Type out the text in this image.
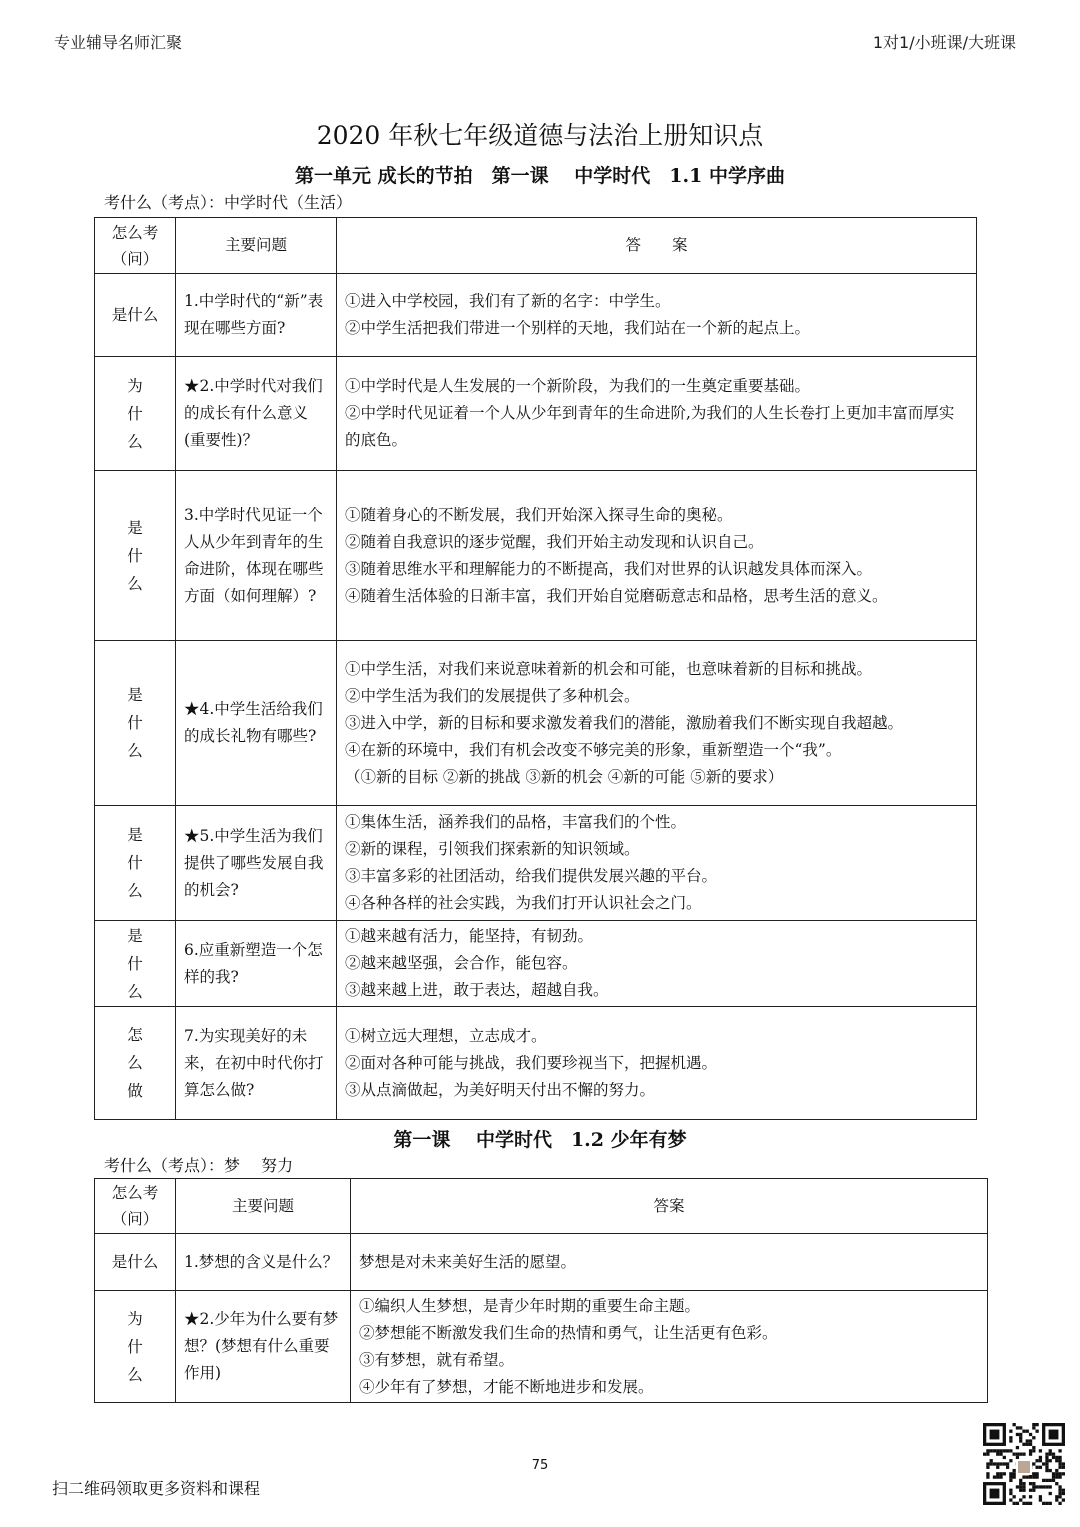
专业辅导名师汇聚	1对1/小班课/大班课
2020 年秋七年级道德与法治上册知识点
第一单元 成长的节拍　第一课　 中学时代　1.1 中学序曲
考什么（考点）：中学时代（生活）
怎么考（问）	主要问题	答　　案
是什么	1.中学时代的“新”表现在哪些方面?	①进入中学校园，我们有了新的名字：中学生。
②中学生活把我们带进一个别样的天地，我们站在一个新的起点上。

为什么	★2.中学时代对我们的成长有什么意义(重要性)？	①中学时代是人生发展的一个新阶段，为我们的一生奠定重要基础。
②中学时代见证着一个人从少年到青年的生命进阶,为我们的人生长卷打上更加丰富而厚实的底色。

是什么	3.中学时代见证一个人从少年到青年的生命进阶，体现在哪些方面（如何理解）?	①随着身心的不断发展，我们开始深入探寻生命的奥秘。
②随着自我意识的逐步觉醒，我们开始主动发现和认识自己。
③随着思维水平和理解能力的不断提高，我们对世界的认识越发具体而深入。
④随着生活体验的日渐丰富，我们开始自觉磨砺意志和品格，思考生活的意义。

是什么	★4.中学生活给我们的成长礼物有哪些?	①中学生活，对我们来说意味着新的机会和可能，也意味着新的目标和挑战。
②中学生活为我们的发展提供了多种机会。
③进入中学，新的目标和要求激发着我们的潜能，激励着我们不断实现自我超越。
④在新的环境中，我们有机会改变不够完美的形象，重新塑造一个“我”。
（①新的目标 ②新的挑战 ③新的机会 ④新的可能 ⑤新的要求）

是什么	★5.中学生活为我们提供了哪些发展自我的机会?	①集体生活，涵养我们的品格，丰富我们的个性。
②新的课程，引领我们探索新的知识领域。
③丰富多彩的社团活动，给我们提供发展兴趣的平台。
④各种各样的社会实践，为我们打开认识社会之门。

是什么	6.应重新塑造一个怎样的我?	①越来越有活力，能坚持，有韧劲。
②越来越坚强，会合作，能包容。
③越来越上进，敢于表达，超越自我。

怎么做	7.为实现美好的未来，在初中时代你打算怎么做?	①树立远大理想，立志成才。
②面对各种可能与挑战，我们要珍视当下，把握机遇。
③从点滴做起，为美好明天付出不懈的努力。
第一课　 中学时代　1.2 少年有梦
考什么（考点）：梦　 努力
怎么考（问）	主要问题	答案
是什么	1.梦想的含义是什么？	梦想是对未来美好生活的愿望。

为什么	★2.少年为什么要有梦想？(梦想有什么重要作用)	①编织人生梦想，是青少年时期的重要生命主题。
②梦想能不断激发我们生命的热情和勇气，让生活更有色彩。
③有梦想，就有希望。
④少年有了梦想，才能不断地进步和发展。
75
扫二维码领取更多资料和课程
